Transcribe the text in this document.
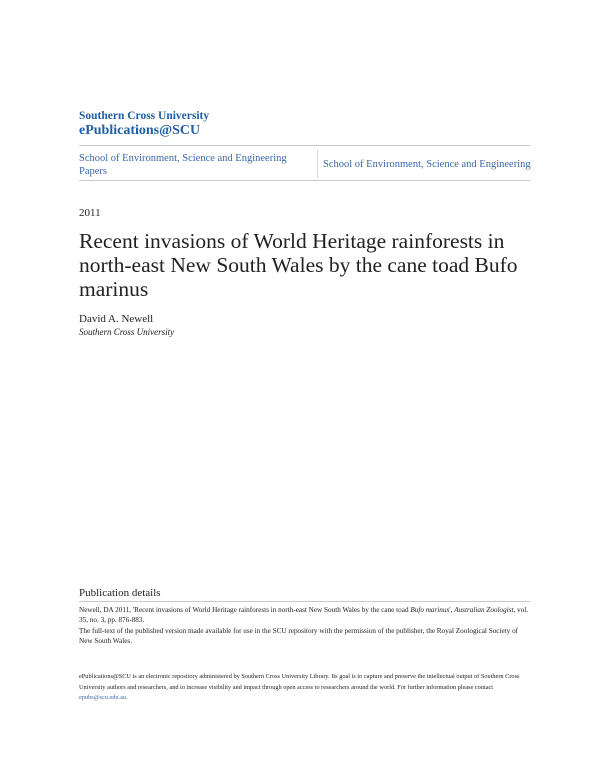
Southern Cross University
ePublications@SCU
School of Environment, Science and Engineering Papers
School of Environment, Science and Engineering
2011
Recent invasions of World Heritage rainforests in north-east New South Wales by the cane toad Bufo marinus
David A. Newell
Southern Cross University
Publication details
Newell, DA 2011, 'Recent invasions of World Heritage rainforests in north-east New South Wales by the cane toad Bufo marinus', Australian Zoologist, vol. 35, no. 3, pp. 876-883.
The full-text of the published version made available for use in the SCU repository with the permission of the publisher, the Royal Zoological Society of New South Wales.
ePublications@SCU is an electronic repository administered by Southern Cross University Library. Its goal is to capture and preserve the intellectual output of Southern Cross University authors and researchers, and to increase visibility and impact through open access to researchers around the world. For further information please contact epubs@scu.edu.au.
